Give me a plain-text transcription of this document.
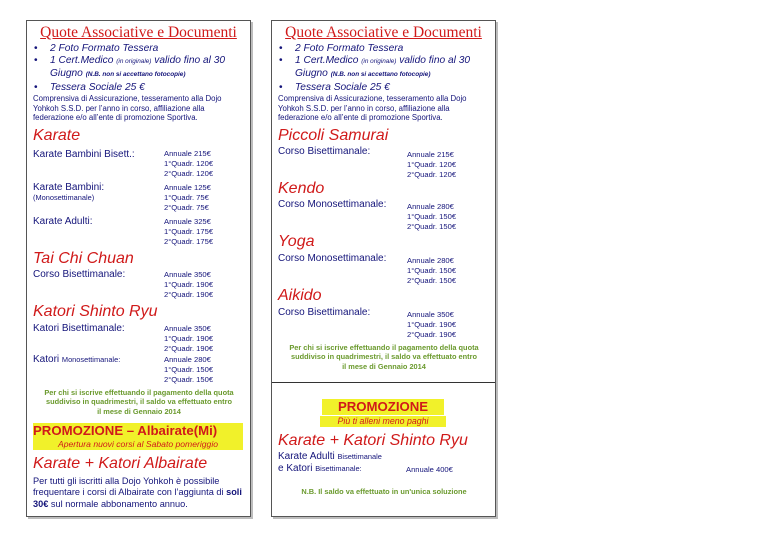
Quote Associative e Documenti
• 2 Foto Formato Tessera
• 1 Cert.Medico (in originale) valido fino al 30
Giugno (N.B. non si accettano fotocopie)
• Tessera Sociale 25 €
Comprensiva di Assicurazione, tesseramento alla Dojo Yohkoh S.S.D. per l’anno in corso, affiliazione alla federazione e/o all’ente di promozione Sportiva.
Karate
Karate Bambini Bisett.:	Annuale 215€
1°Quadr. 120€
2°Quadr. 120€
Karate Bambini:
(Monosettimanale)
Annuale 125€
1°Quadr. 75€
2°Quadr. 75€
Karate Adulti:	Annuale 325€
1°Quadr. 175€
2°Quadr. 175€
Tai Chi Chuan
Corso Bisettimanale:	Annuale 350€
1°Quadr. 190€
2°Quadr. 190€
Katori Shinto Ryu
Katori Bisettimanale:	Annuale 350€
1°Quadr. 190€
2°Quadr. 190€
Katori Monosettimanale:	Annuale 280€
1°Quadr. 150€
2°Quadr. 150€
Per chi si iscrive effettuando il pagamento della quota suddiviso in quadrimestri, il saldo va effettuato entro il mese di Gennaio 2014
PROMOZIONE – Albairate(Mi)
Apertura nuovi corsi al Sabato pomeriggio
Karate + Katori Albairate
Per tutti gli iscritti alla Dojo Yohkoh è possibile frequentare i corsi di Albairate con l’aggiunta di soli 30€ sul normale abbonamento annuo.
Quote Associative e Documenti
• 2 Foto Formato Tessera
• 1 Cert.Medico (in originale) valido fino al 30
Giugno (N.B. non si accettano fotocopie)
• Tessera Sociale 25 €
Comprensiva di Assicurazione, tesseramento alla Dojo Yohkoh S.S.D. per l’anno in corso, affiliazione alla federazione e/o all’ente di promozione Sportiva.
Piccoli Samurai
Corso Bisettimanale:	Annuale 215€
1°Quadr. 120€
2°Quadr. 120€
Kendo
Corso Monosettimanale:	Annuale 280€
1°Quadr. 150€
2°Quadr. 150€
Yoga
Corso Monosettimanale:	Annuale 280€
1°Quadr. 150€
2°Quadr. 150€
Aikido
Corso Bisettimanale:	Annuale 350€
1°Quadr. 190€
2°Quadr. 190€
Per chi si iscrive effettuando il pagamento della quota suddiviso in quadrimestri, il saldo va effettuato entro il mese di Gennaio 2014
PROMOZIONE
Più ti alleni meno paghi
Karate + Katori Shinto Ryu
Karate Adulti Bisettimanale
e Katori Bisettimanale:	Annuale 400€
N.B. Il saldo va effettuato in un'unica soluzione
